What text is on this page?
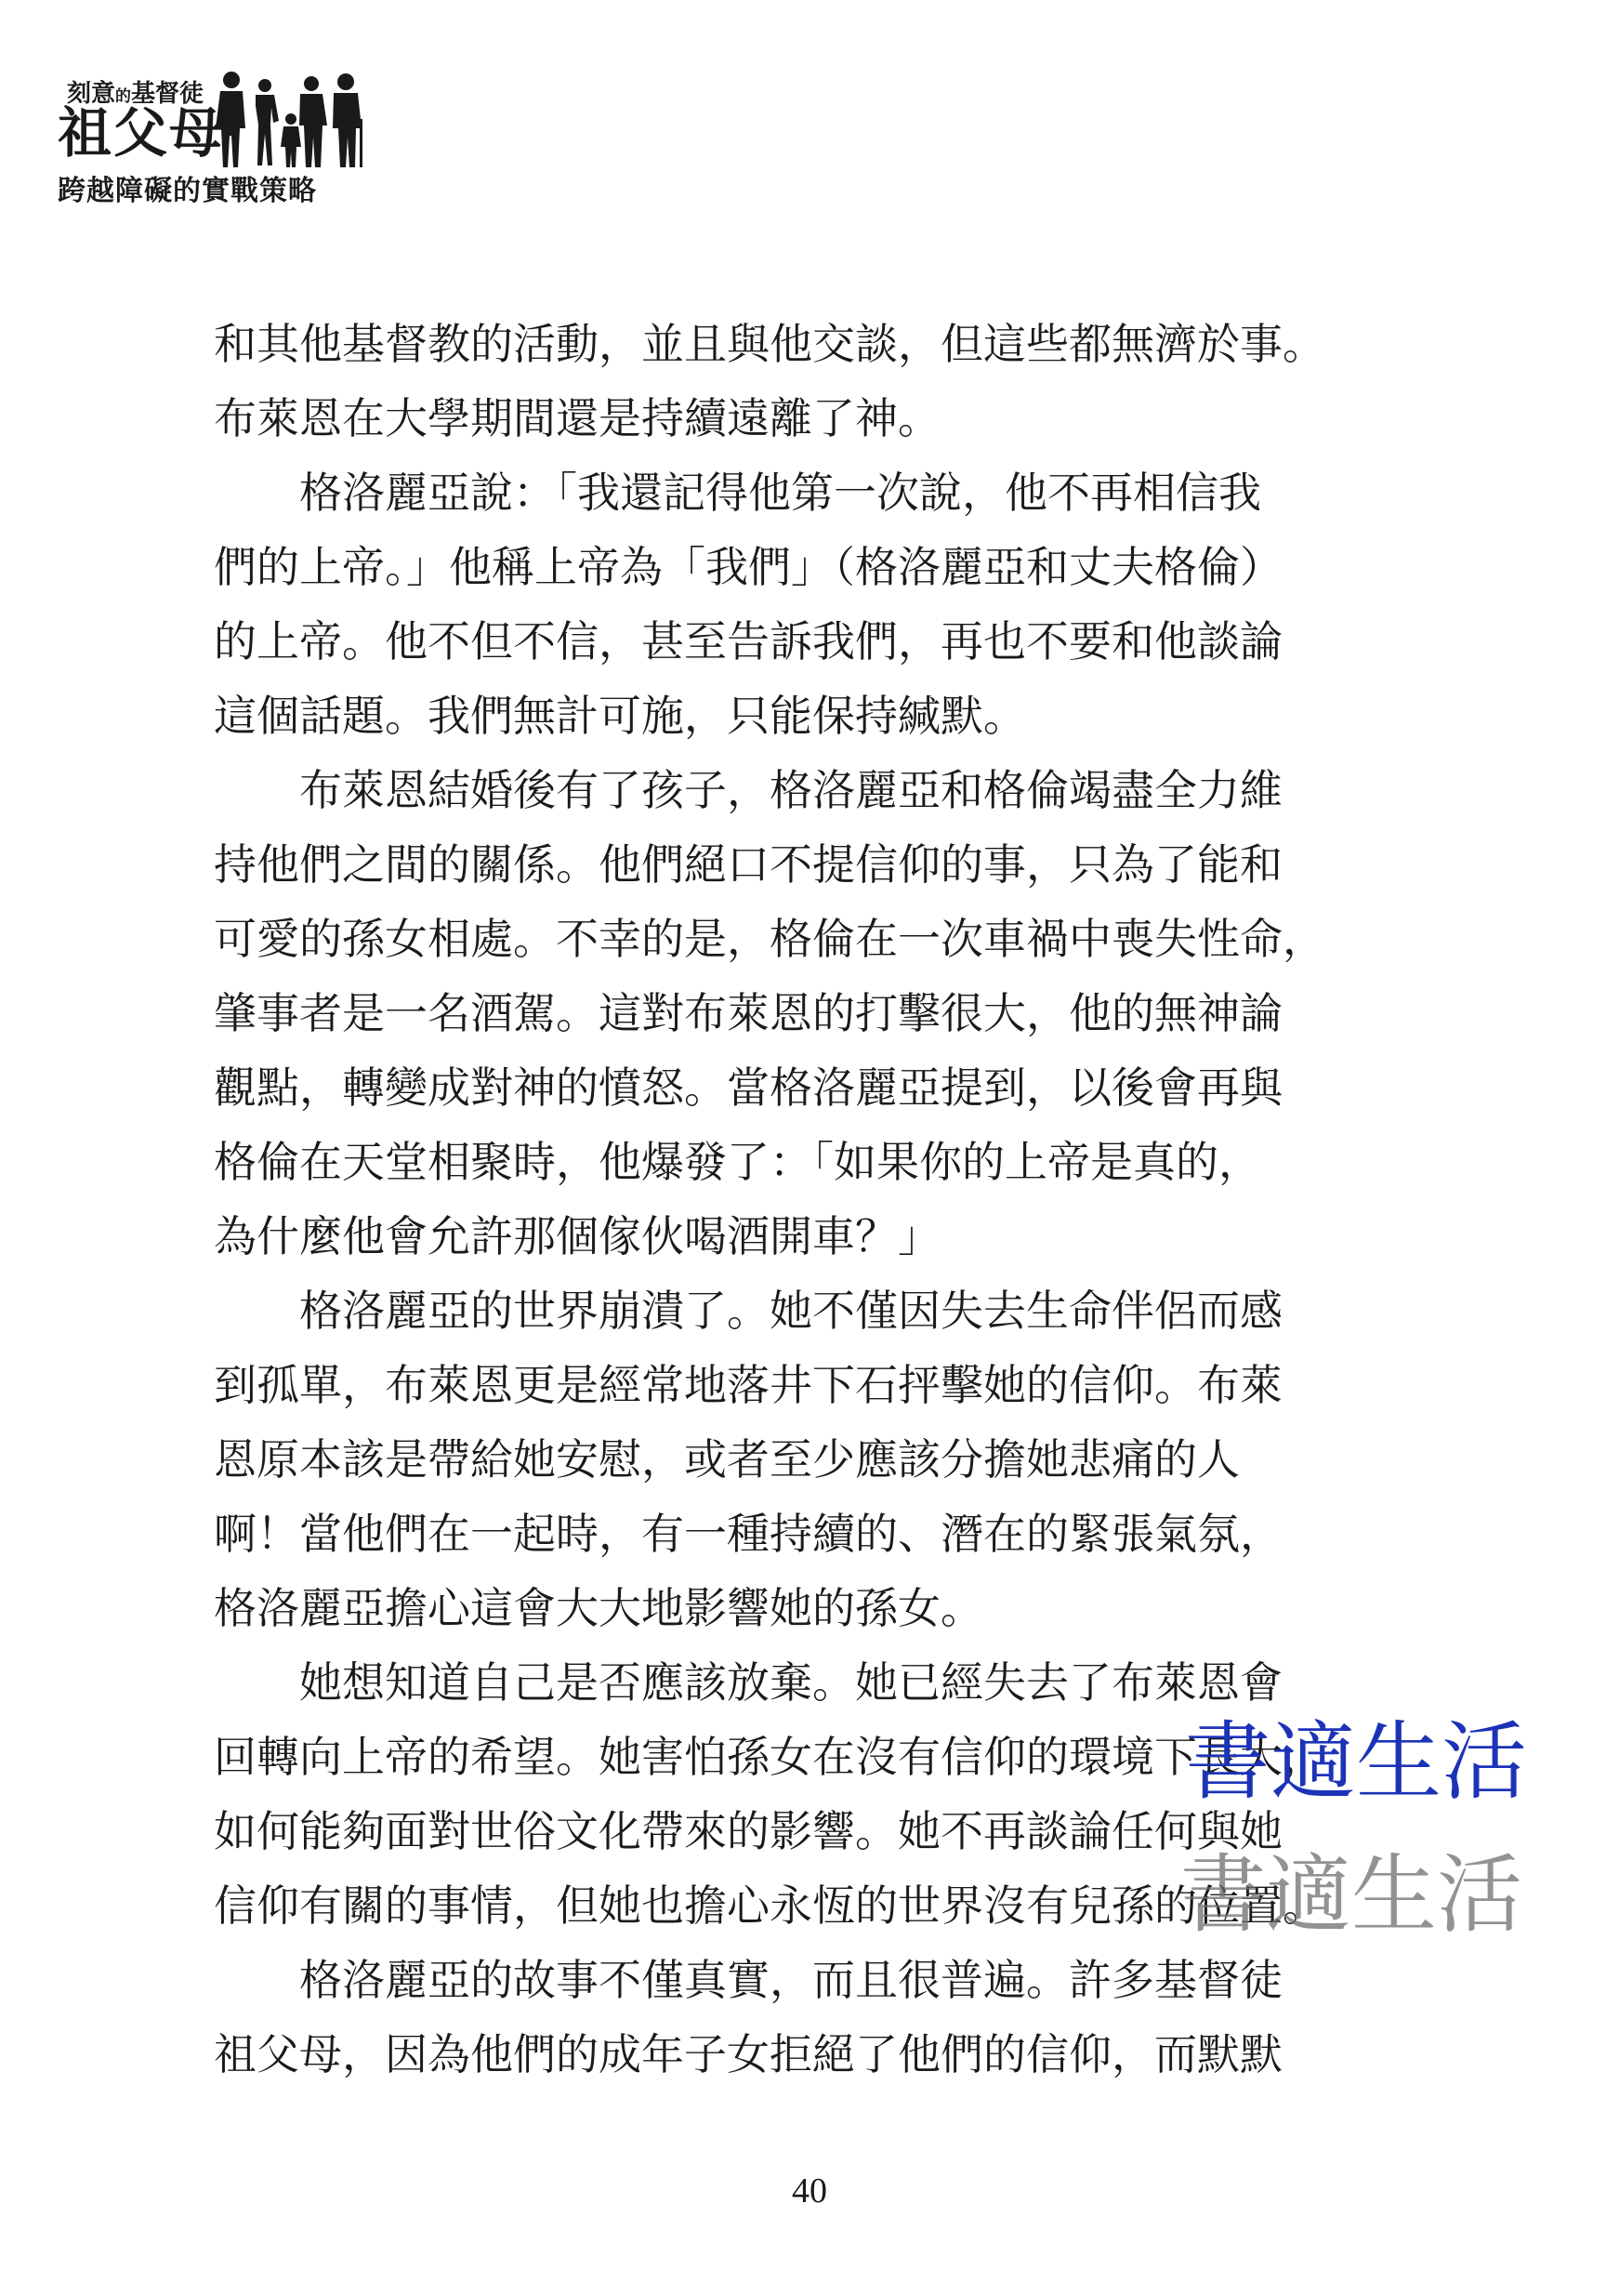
刻意的基督徒
祖父母
跨越障礙的實戰策略
和其他基督教的活動，並且與他交談，但這些都無濟於事。
布萊恩在大學期間還是持續遠離了神。
　　格洛麗亞說：「我還記得他第一次說，他不再相信我
們的上帝。」他稱上帝為「我們」（格洛麗亞和丈夫格倫）
的上帝。他不但不信，甚至告訴我們，再也不要和他談論
這個話題。我們無計可施，只能保持緘默。
　　布萊恩結婚後有了孩子，格洛麗亞和格倫竭盡全力維
持他們之間的關係。他們絕口不提信仰的事，只為了能和
可愛的孫女相處。不幸的是，格倫在一次車禍中喪失性命，
肇事者是一名酒駕。這對布萊恩的打擊很大，他的無神論
觀點，轉變成對神的憤怒。當格洛麗亞提到，以後會再與
格倫在天堂相聚時，他爆發了：「如果你的上帝是真的，
為什麼他會允許那個傢伙喝酒開車？」
　　格洛麗亞的世界崩潰了。她不僅因失去生命伴侶而感
到孤單，布萊恩更是經常地落井下石抨擊她的信仰。布萊
恩原本該是帶給她安慰，或者至少應該分擔她悲痛的人
啊！當他們在一起時，有一種持續的、潛在的緊張氣氛，
格洛麗亞擔心這會大大地影響她的孫女。
　　她想知道自己是否應該放棄。她已經失去了布萊恩會
回轉向上帝的希望。她害怕孫女在沒有信仰的環境下長大，
如何能夠面對世俗文化帶來的影響。她不再談論任何與她
信仰有關的事情，但她也擔心永恆的世界沒有兒孫的位置。
　　格洛麗亞的故事不僅真實，而且很普遍。許多基督徒
祖父母，因為他們的成年子女拒絕了他們的信仰，而默默
書適生活
書適生活
40
